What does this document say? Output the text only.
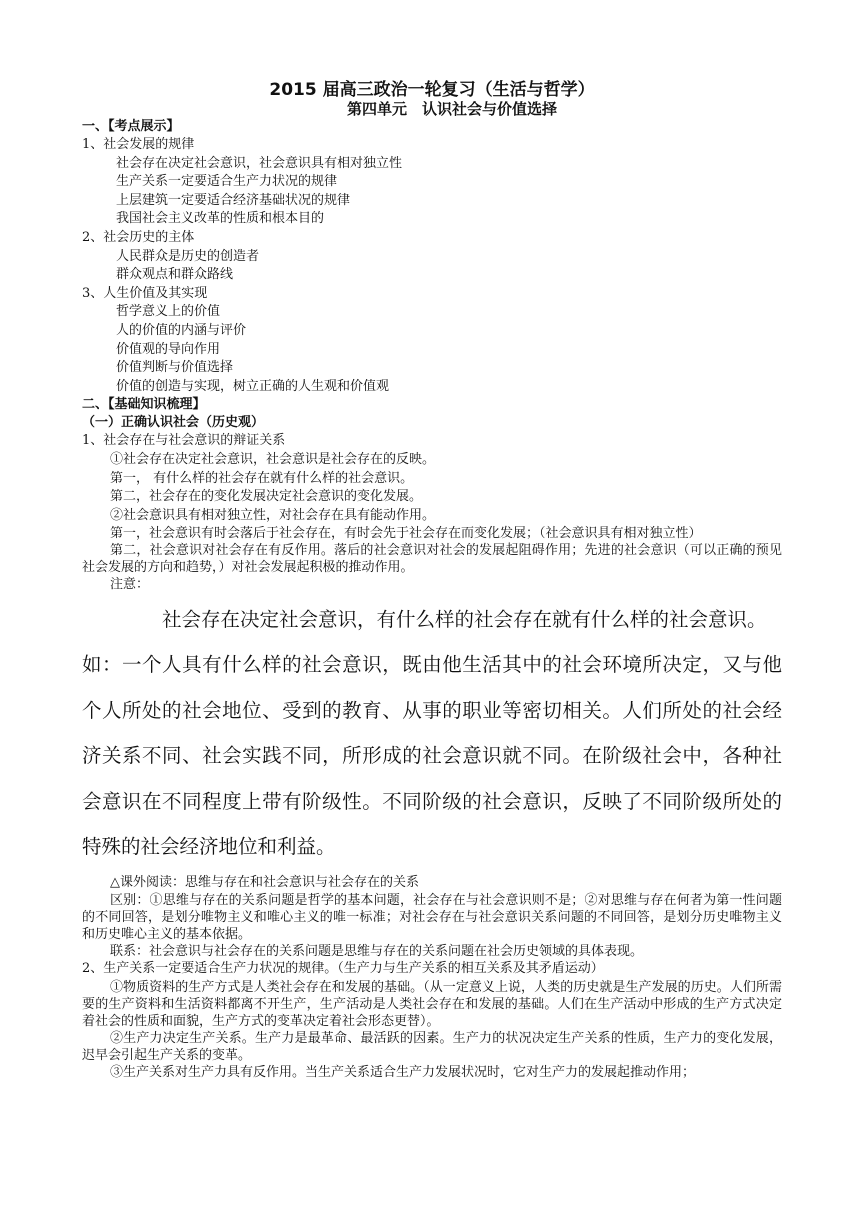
2015 届高三政治一轮复习（生活与哲学）
第四单元　认识社会与价值选择
一、【考点展示】
1、社会发展的规律
社会存在决定社会意识，社会意识具有相对独立性
生产关系一定要适合生产力状况的规律
上层建筑一定要适合经济基础状况的规律
我国社会主义改革的性质和根本目的
2、社会历史的主体
人民群众是历史的创造者
群众观点和群众路线
3、人生价值及其实现
哲学意义上的价值
人的价值的内涵与评价
价值观的导向作用
价值判断与价值选择
价值的创造与实现，树立正确的人生观和价值观
二、【基础知识梳理】
（一）正确认识社会（历史观）
1、社会存在与社会意识的辩证关系
①社会存在决定社会意识，社会意识是社会存在的反映。
第一， 有什么样的社会存在就有什么样的社会意识。
第二，社会存在的变化发展决定社会意识的变化发展。
②社会意识具有相对独立性，对社会存在具有能动作用。
第一，社会意识有时会落后于社会存在，有时会先于社会存在而变化发展；（社会意识具有相对独立性）
第二，社会意识对社会存在有反作用。落后的社会意识对社会的发展起阻碍作用；先进的社会意识（可以正确的预见社会发展的方向和趋势，）对社会发展起积极的推动作用。
注意：
社会存在决定社会意识，有什么样的社会存在就有什么样的社会意识。
如：一个人具有什么样的社会意识，既由他生活其中的社会环境所决定，又与他个人所处的社会地位、受到的教育、从事的职业等密切相关。人们所处的社会经济关系不同、社会实践不同，所形成的社会意识就不同。在阶级社会中，各种社会意识在不同程度上带有阶级性。不同阶级的社会意识，反映了不同阶级所处的特殊的社会经济地位和利益。
△课外阅读：思维与存在和社会意识与社会存在的关系
区别：①思维与存在的关系问题是哲学的基本问题，社会存在与社会意识则不是；②对思维与存在何者为第一性问题的不同回答，是划分唯物主义和唯心主义的唯一标准；对社会存在与社会意识关系问题的不同回答，是划分历史唯物主义和历史唯心主义的基本依据。
联系：社会意识与社会存在的关系问题是思维与存在的关系问题在社会历史领域的具体表现。
2、生产关系一定要适合生产力状况的规律。（生产力与生产关系的相互关系及其矛盾运动）
①物质资料的生产方式是人类社会存在和发展的基础。（从一定意义上说，人类的历史就是生产发展的历史。人们所需要的生产资料和生活资料都离不开生产，生产活动是人类社会存在和发展的基础。人们在生产活动中形成的生产方式决定着社会的性质和面貌，生产方式的变革决定着社会形态更替）。
②生产力决定生产关系。生产力是最革命、最活跃的因素。生产力的状况决定生产关系的性质，生产力的变化发展，迟早会引起生产关系的变革。
③生产关系对生产力具有反作用。当生产关系适合生产力发展状况时，它对生产力的发展起推动作用；
